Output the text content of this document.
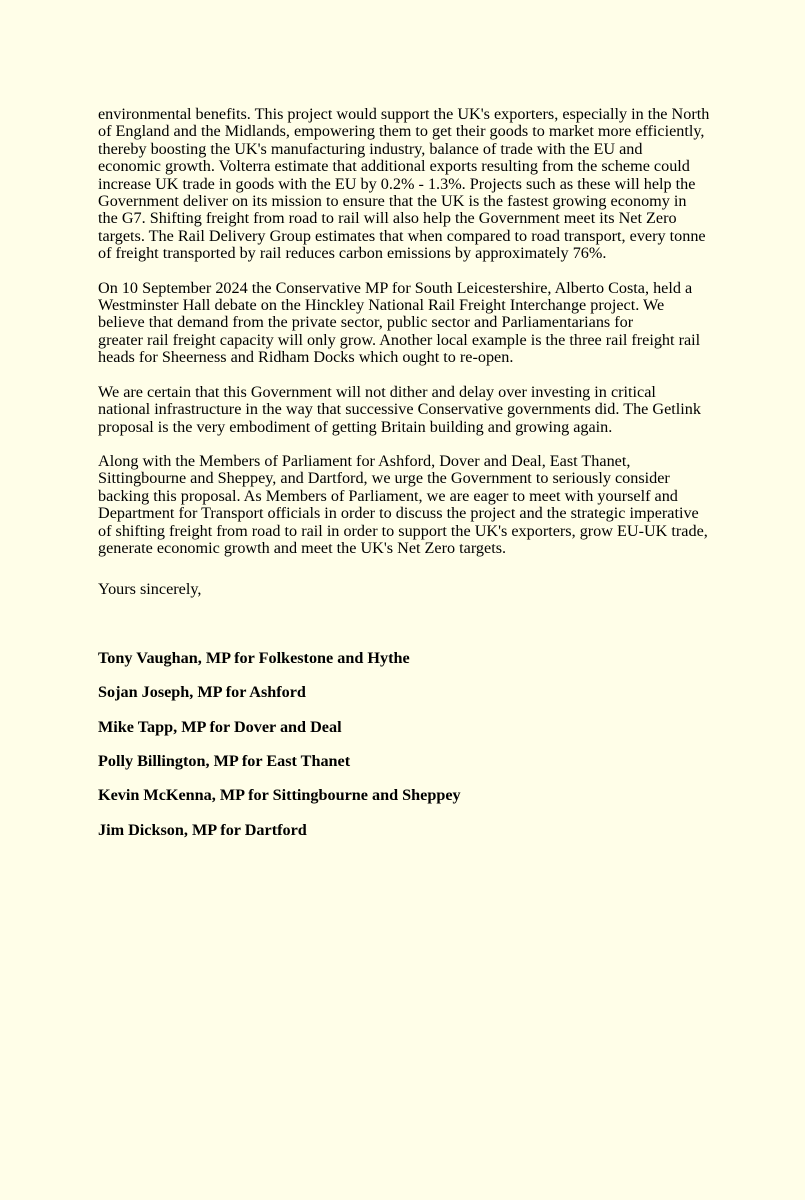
environmental benefits. This project would support the UK's exporters, especially in the North
of England and the Midlands, empowering them to get their goods to market more efficiently,
thereby boosting the UK's manufacturing industry, balance of trade with the EU and
economic growth. Volterra estimate that additional exports resulting from the scheme could
increase UK trade in goods with the EU by 0.2% - 1.3%. Projects such as these will help the
Government deliver on its mission to ensure that the UK is the fastest growing economy in
the G7. Shifting freight from road to rail will also help the Government meet its Net Zero
targets. The Rail Delivery Group estimates that when compared to road transport, every tonne
of freight transported by rail reduces carbon emissions by approximately 76%.

On 10 September 2024 the Conservative MP for South Leicestershire, Alberto Costa, held a
Westminster Hall debate on the Hinckley National Rail Freight Interchange project. We
believe that demand from the private sector, public sector and Parliamentarians for
greater rail freight capacity will only grow. Another local example is the three rail freight rail
heads for Sheerness and Ridham Docks which ought to re-open.

We are certain that this Government will not dither and delay over investing in critical
national infrastructure in the way that successive Conservative governments did. The Getlink
proposal is the very embodiment of getting Britain building and growing again.

Along with the Members of Parliament for Ashford, Dover and Deal, East Thanet,
Sittingbourne and Sheppey, and Dartford, we urge the Government to seriously consider
backing this proposal. As Members of Parliament, we are eager to meet with yourself and
Department for Transport officials in order to discuss the project and the strategic imperative
of shifting freight from road to rail in order to support the UK's exporters, grow EU-UK trade,
generate economic growth and meet the UK's Net Zero targets.

Yours sincerely,

Tony Vaughan, MP for Folkestone and Hythe

Sojan Joseph, MP for Ashford

Mike Tapp, MP for Dover and Deal

Polly Billington, MP for East Thanet

Kevin McKenna, MP for Sittingbourne and Sheppey

Jim Dickson, MP for Dartford
